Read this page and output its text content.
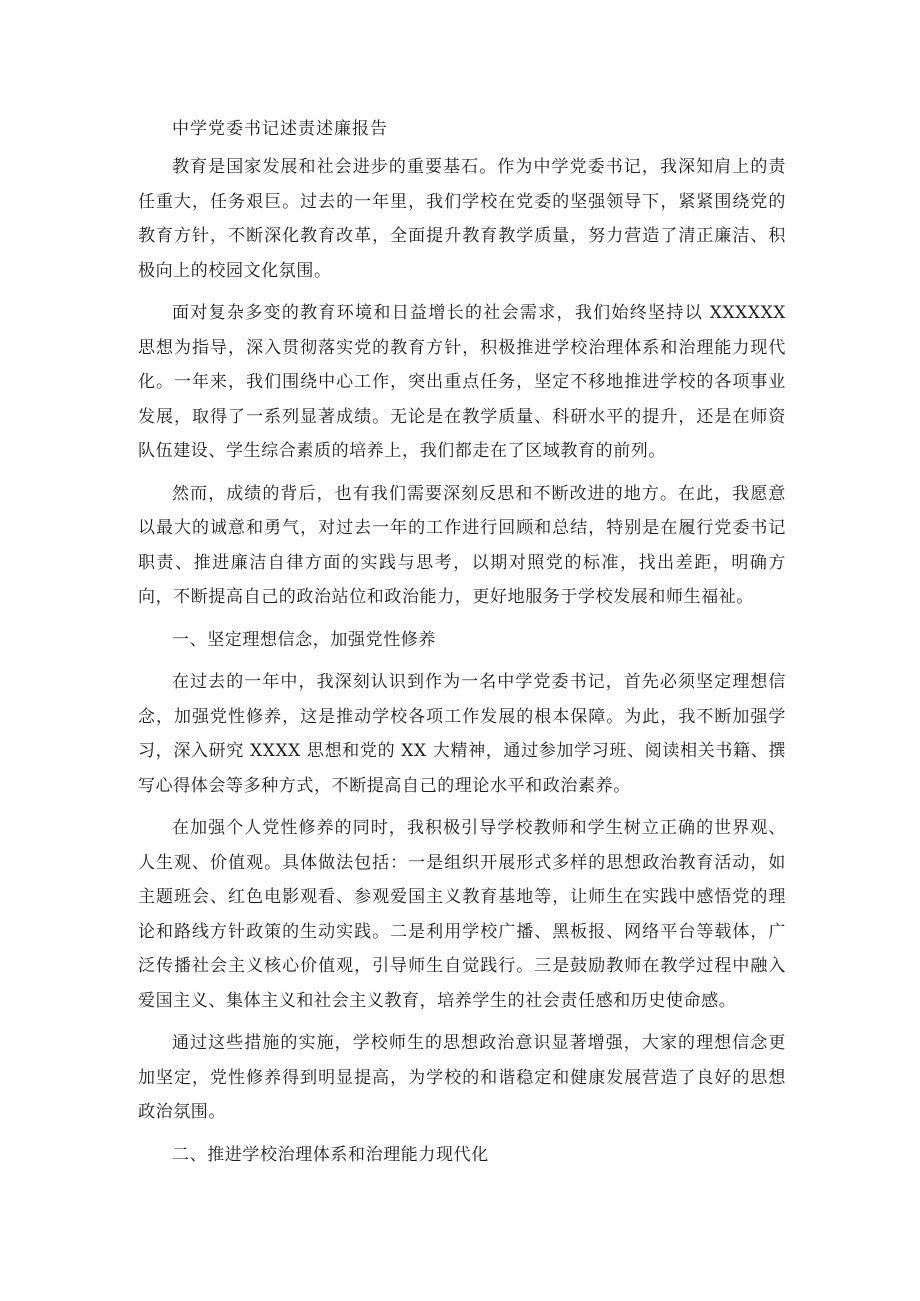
中学党委书记述责述廉报告

教育是国家发展和社会进步的重要基石。作为中学党委书记，我深知肩上的责任重大，任务艰巨。过去的一年里，我们学校在党委的坚强领导下，紧紧围绕党的教育方针，不断深化教育改革，全面提升教育教学质量，努力营造了清正廉洁、积极向上的校园文化氛围。

面对复杂多变的教育环境和日益增长的社会需求，我们始终坚持以 XXXXXX 思想为指导，深入贯彻落实党的教育方针，积极推进学校治理体系和治理能力现代化。一年来，我们围绕中心工作，突出重点任务，坚定不移地推进学校的各项事业发展，取得了一系列显著成绩。无论是在教学质量、科研水平的提升，还是在师资队伍建设、学生综合素质的培养上，我们都走在了区域教育的前列。

然而，成绩的背后，也有我们需要深刻反思和不断改进的地方。在此，我愿意以最大的诚意和勇气，对过去一年的工作进行回顾和总结，特别是在履行党委书记职责、推进廉洁自律方面的实践与思考，以期对照党的标准，找出差距，明确方向，不断提高自己的政治站位和政治能力，更好地服务于学校发展和师生福祉。

一、坚定理想信念，加强党性修养

在过去的一年中，我深刻认识到作为一名中学党委书记，首先必须坚定理想信念，加强党性修养，这是推动学校各项工作发展的根本保障。为此，我不断加强学习，深入研究 XXXX 思想和党的 XX 大精神，通过参加学习班、阅读相关书籍、撰写心得体会等多种方式，不断提高自己的理论水平和政治素养。

在加强个人党性修养的同时，我积极引导学校教师和学生树立正确的世界观、人生观、价值观。具体做法包括：一是组织开展形式多样的思想政治教育活动，如主题班会、红色电影观看、参观爱国主义教育基地等，让师生在实践中感悟党的理论和路线方针政策的生动实践。二是利用学校广播、黑板报、网络平台等载体，广泛传播社会主义核心价值观，引导师生自觉践行。三是鼓励教师在教学过程中融入爱国主义、集体主义和社会主义教育，培养学生的社会责任感和历史使命感。

通过这些措施的实施，学校师生的思想政治意识显著增强，大家的理想信念更加坚定，党性修养得到明显提高，为学校的和谐稳定和健康发展营造了良好的思想政治氛围。

二、推进学校治理体系和治理能力现代化
